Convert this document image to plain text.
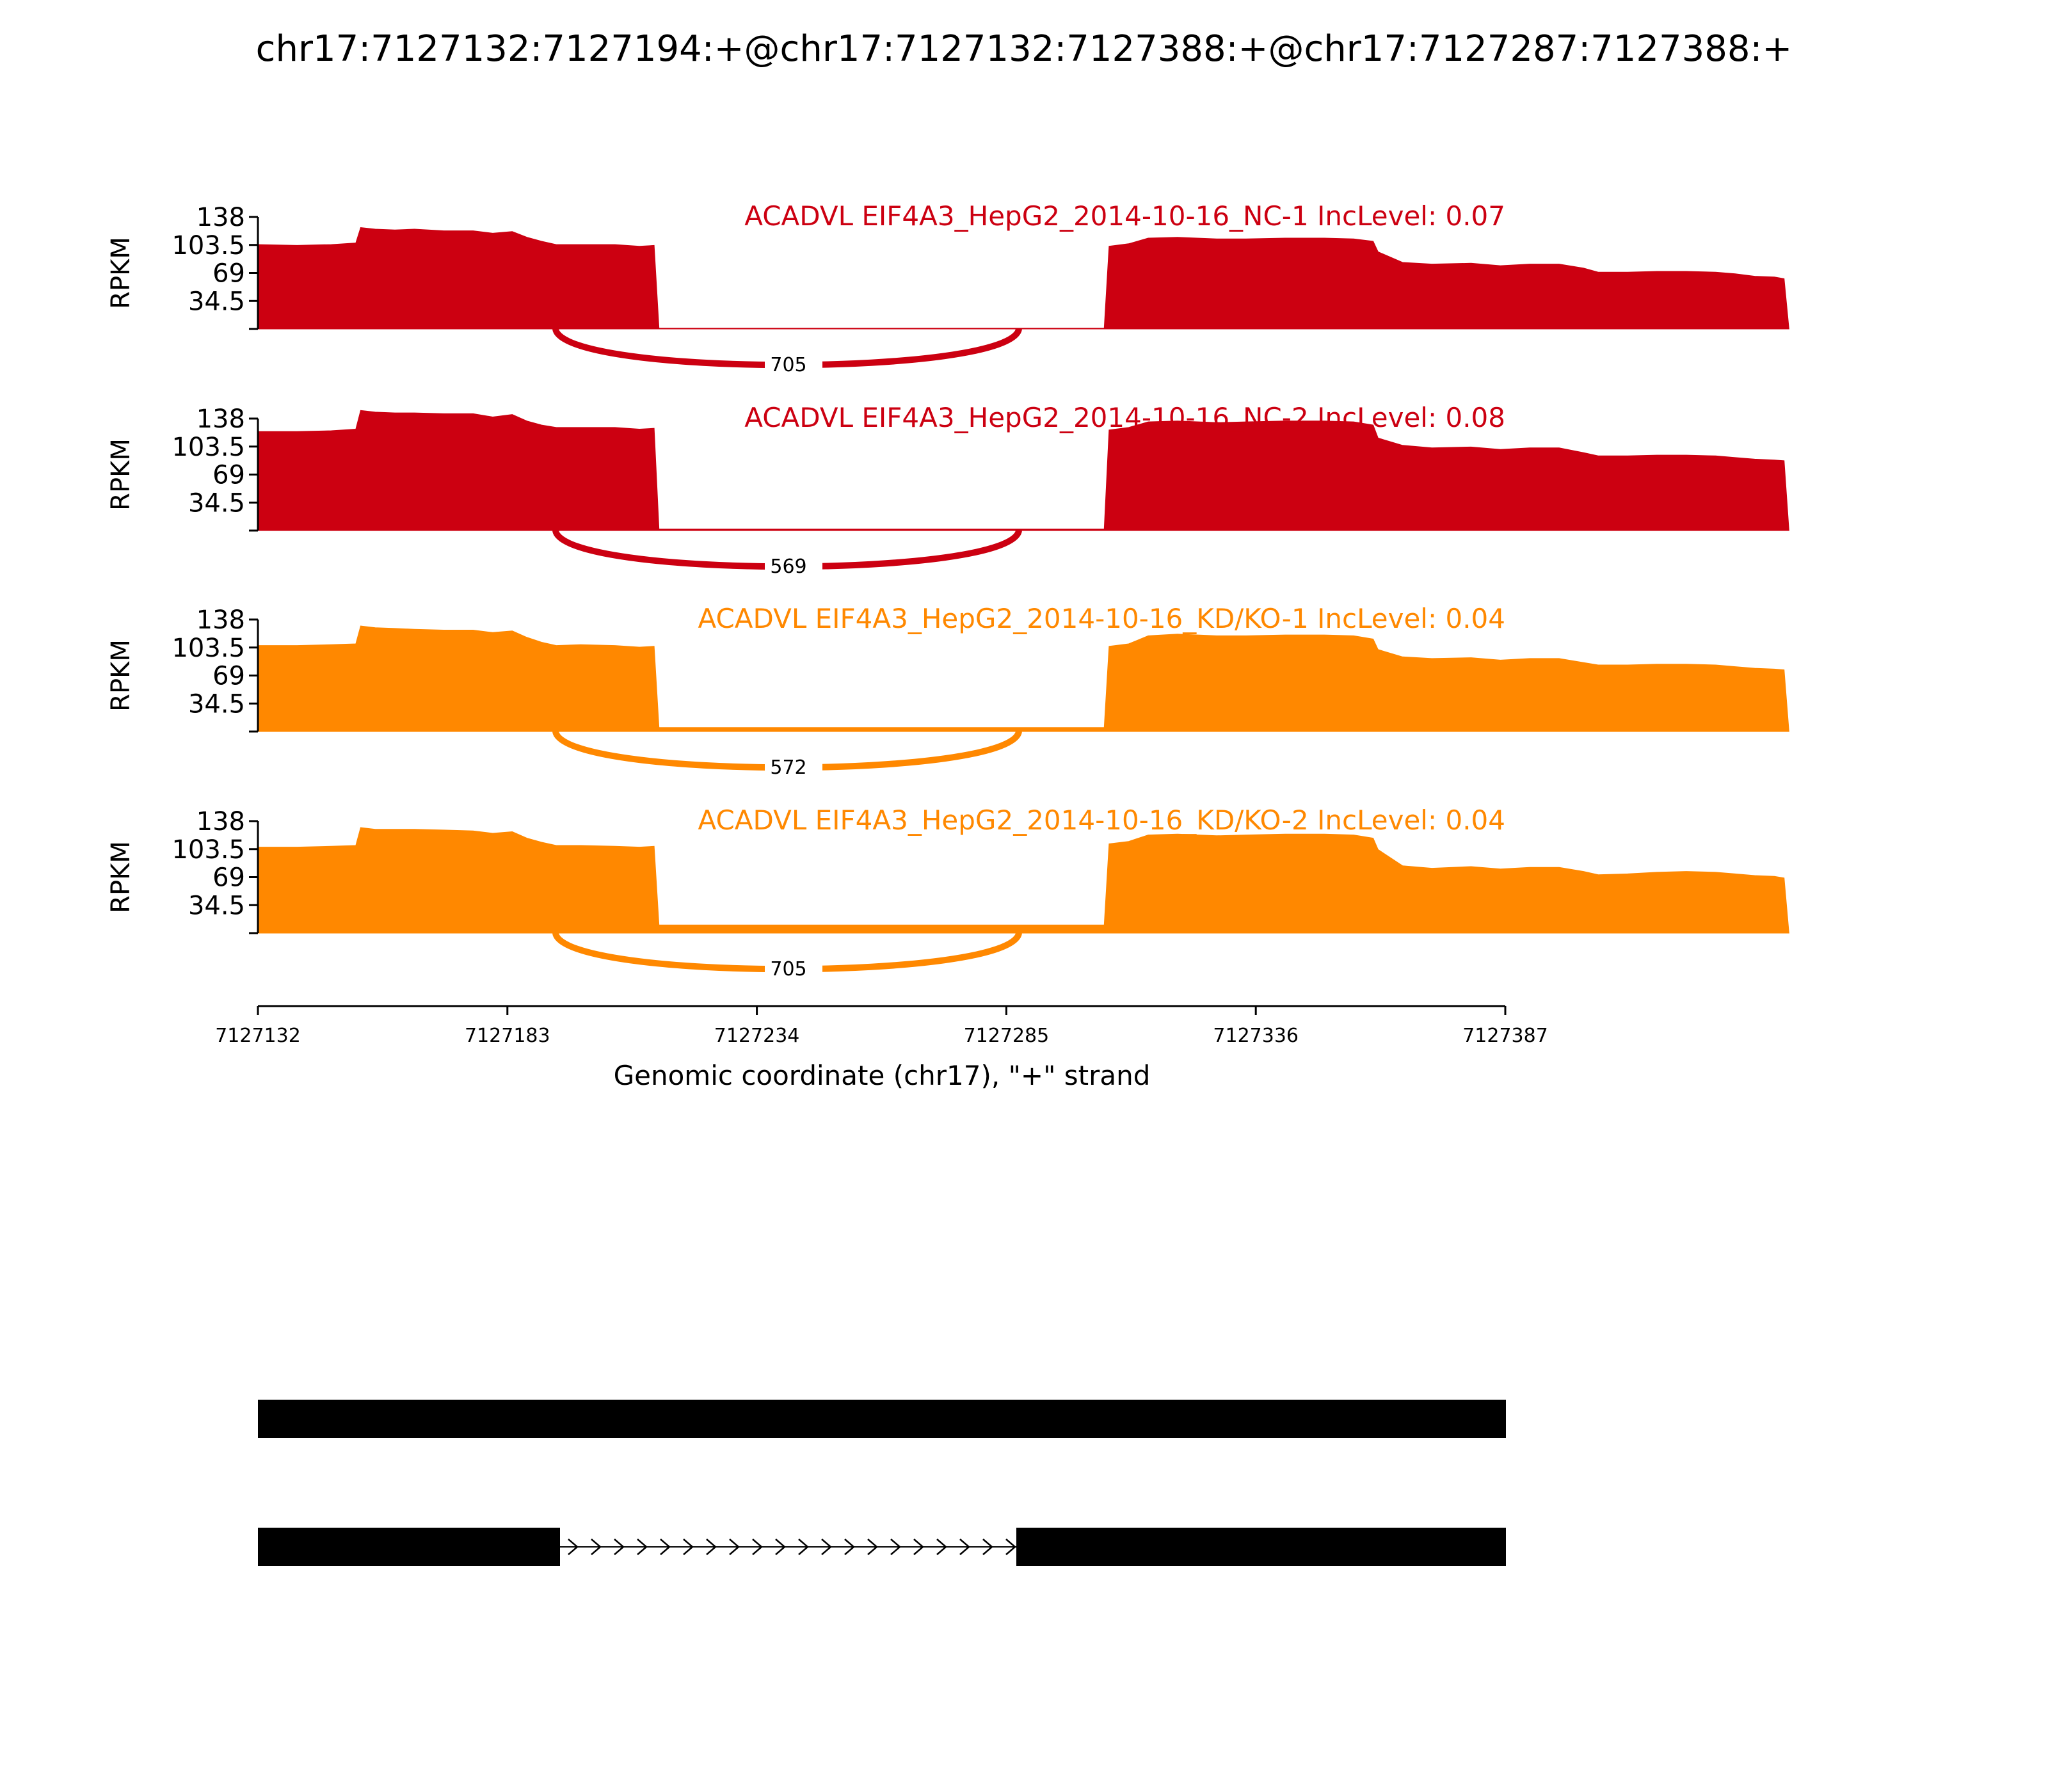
chr17:7127132:7127194:+@chr17:7127132:7127388:+@chr17:7127287:7127388:+
34.5
69
103.5
138
RPKM
ACADVL EIF4A3_HepG2_2014-10-16_NC-1 IncLevel: 0.07
705
34.5
69
103.5
138
RPKM
ACADVL EIF4A3_HepG2_2014-10-16_NC-2 IncLevel: 0.08
569
34.5
69
103.5
138
RPKM
ACADVL EIF4A3_HepG2_2014-10-16_KD/KO-1 IncLevel: 0.04
572
34.5
69
103.5
138
RPKM
ACADVL EIF4A3_HepG2_2014-10-16_KD/KO-2 IncLevel: 0.04
705
7127132	7127183	7127234	7127285	7127336	7127387
Genomic coordinate (chr17), "+" strand
